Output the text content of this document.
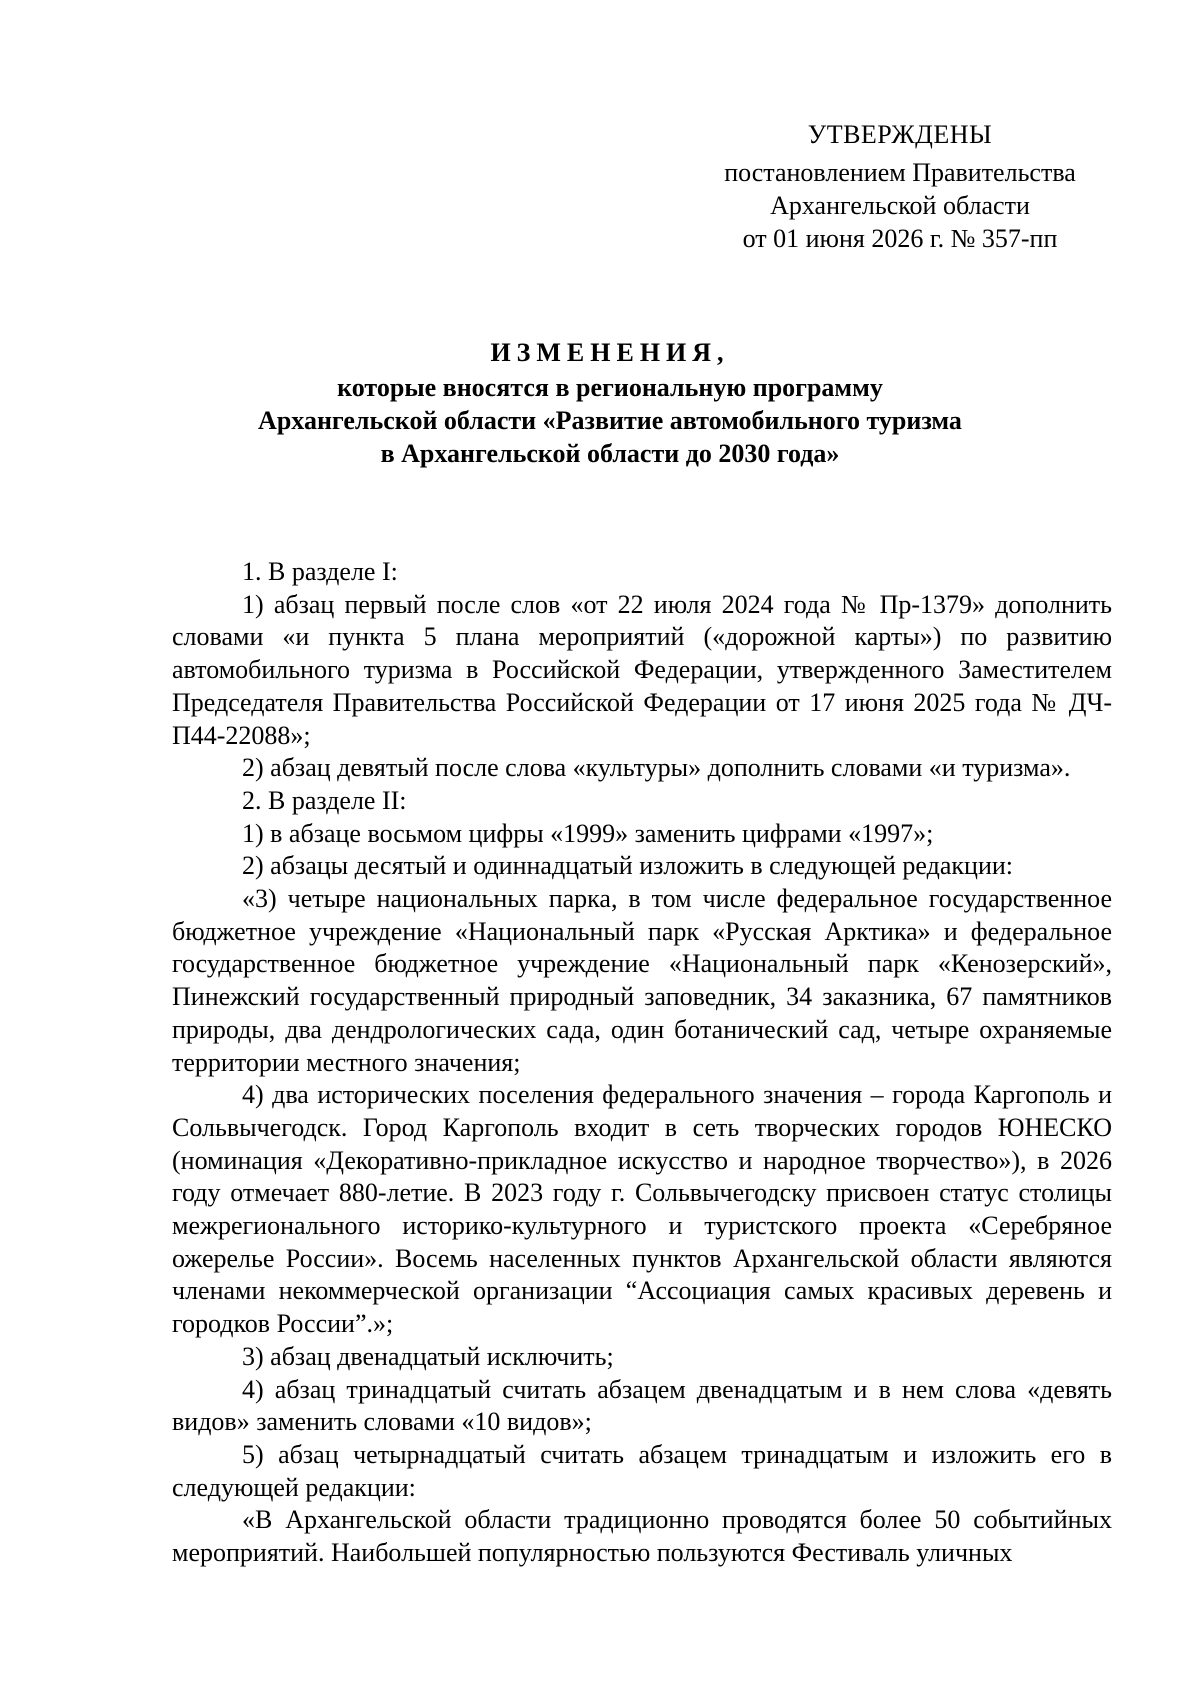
УТВЕРЖДЕНЫ
постановлением Правительства
Архангельской области
от 01 июня 2026 г. № 357-пп
ИЗМЕНЕНИЯ,
которые вносятся в региональную программу
Архангельской области «Развитие автомобильного туризма
в Архангельской области до 2030 года»

1. В разделе I:

1) абзац первый после слов «от 22 июля 2024 года № Пр-1379» дополнить словами «и пункта 5 плана мероприятий («дорожной карты») по развитию автомобильного туризма в Российской Федерации, утвержденного Заместителем Председателя Правительства Российской Федерации от 17 июня 2025 года № ДЧ-П44-22088»;

2) абзац девятый после слова «культуры» дополнить словами «и туризма».

2. В разделе II:

1) в абзаце восьмом цифры «1999» заменить цифрами «1997»;

2) абзацы десятый и одиннадцатый изложить в следующей редакции:

«3) четыре национальных парка, в том числе федеральное государственное бюджетное учреждение «Национальный парк «Русская Арктика» и федеральное государственное бюджетное учреждение «Национальный парк «Кенозерский», Пинежский государственный природный заповедник, 34 заказника, 67 памятников природы, два дендрологических сада, один ботанический сад, четыре охраняемые территории местного значения;

4) два исторических поселения федерального значения – города Каргополь и Сольвычегодск. Город Каргополь входит в сеть творческих городов ЮНЕСКО (номинация «Декоративно-прикладное искусство и народное творчество»), в 2026 году отмечает 880-летие. В 2023 году г. Сольвычегодску присвоен статус столицы межрегионального историко-культурного и туристского проекта «Серебряное ожерелье России». Восемь населенных пунктов Архангельской области являются членами некоммерческой организации “Ассоциация самых красивых деревень и городков России”.»;

3) абзац двенадцатый исключить;

4) абзац тринадцатый считать абзацем двенадцатым и в нем слова «девять видов» заменить словами «10 видов»;

5) абзац четырнадцатый считать абзацем тринадцатым и изложить его в следующей редакции:

«В Архангельской области традиционно проводятся более 50 событийных мероприятий. Наибольшей популярностью пользуются Фестиваль уличных
